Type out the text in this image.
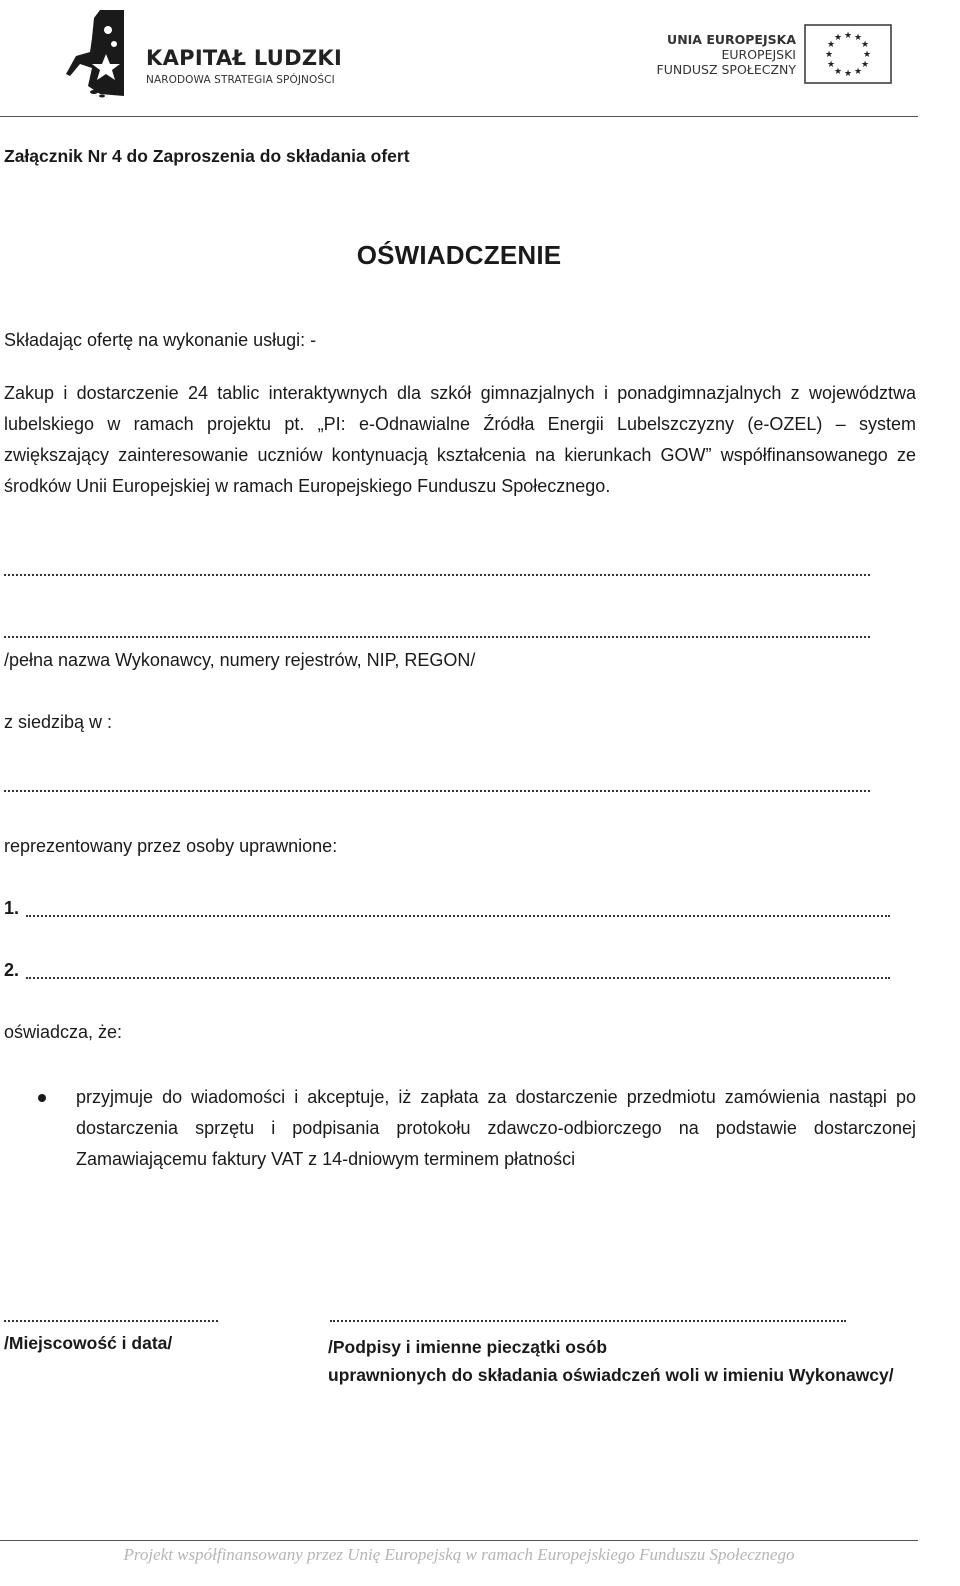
KAPITAŁ LUDZKI
NARODOWA STRATEGIA SPÓJNOŚCI
UNIA EUROPEJSKA
EUROPEJSKI
FUNDUSZ SPOŁECZNY
★ ★
★
★
★
★
★
★
★
★
★
★
Załącznik Nr 4 do Zaproszenia do składania ofert
OŚWIADCZENIE
Składając ofertę na wykonanie usługi: -
Zakup i dostarczenie 24 tablic interaktywnych dla szkół gimnazjalnych i ponadgimnazjalnych z województwa lubelskiego w ramach projektu pt. „PI: e-Odnawialne Źródła Energii Lubelszczyzny (e-OZEL) – system zwiększający zainteresowanie uczniów kontynuacją kształcenia na kierunkach GOW” współfinansowanego ze środków Unii Europejskiej w ramach Europejskiego Funduszu Społecznego.
/pełna nazwa Wykonawcy, numery rejestrów, NIP, REGON/
z siedzibą w :
reprezentowany przez osoby uprawnione:
1.
2.
oświadcza, że:
przyjmuje do wiadomości i akceptuje, iż zapłata za dostarczenie przedmiotu zamówienia nastąpi po dostarczenia sprzętu i podpisania protokołu zdawczo-odbiorczego na podstawie dostarczonej Zamawiającemu faktury VAT z 14-dniowym terminem płatności
/Miejscowość i data/	/Podpisy i imienne pieczątki osób
uprawnionych do składania oświadczeń woli w imieniu Wykonawcy/
Projekt współfinansowany przez Unię Europejską w ramach Europejskiego Funduszu Społecznego
